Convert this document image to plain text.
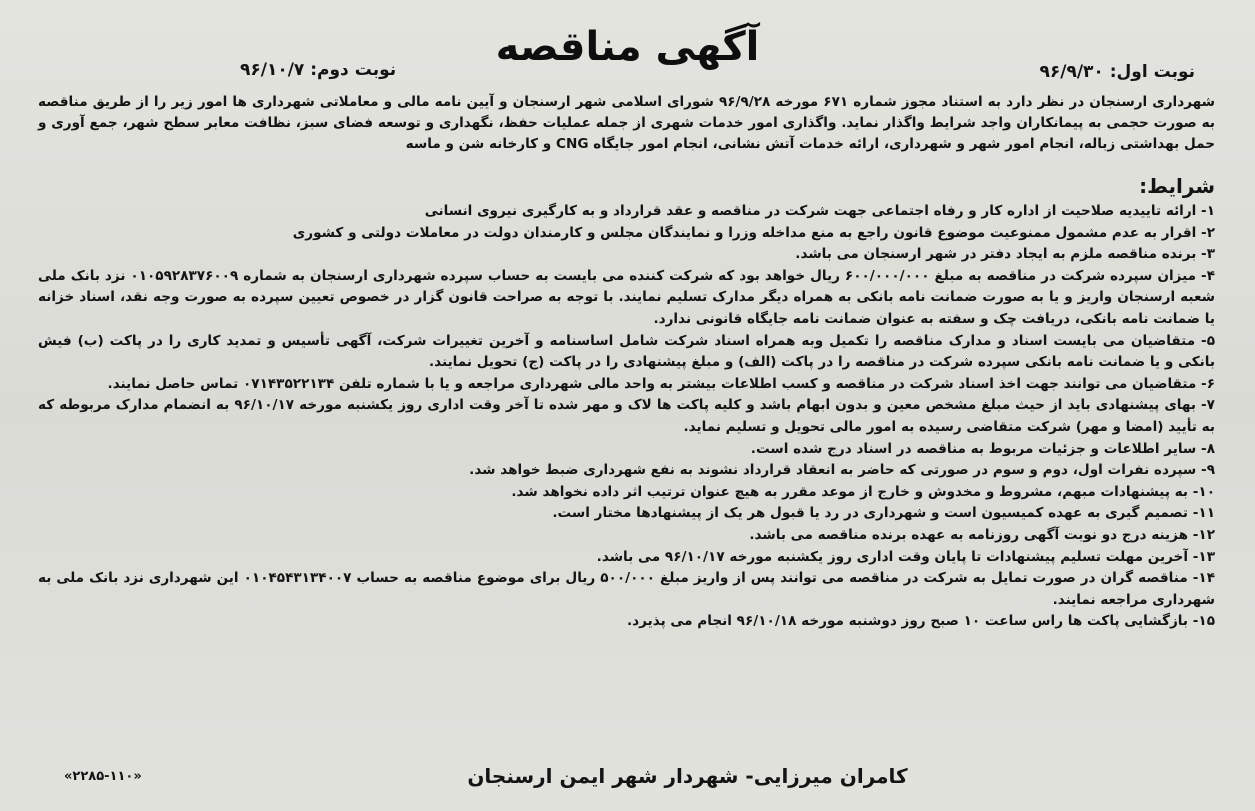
آگهی مناقصه
نوبت اول: ۹۶/۹/۳۰
نوبت دوم: ۹۶/۱۰/۷
شهرداری ارسنجان در نظر دارد به استناد مجوز شماره ۶۷۱ مورخه ۹۶/۹/۲۸ شورای اسلامی شهر ارسنجان و آیین نامه مالی و معاملاتی شهرداری ها امور زیر را از طریق مناقصه به صورت حجمی به پیمانکاران واجد شرایط واگذار نماید. واگذاری امور خدمات شهری از جمله عملیات حفظ، نگهداری و توسعه فضای سبز، نظافت معابر سطح شهر، جمع آوری و حمل بهداشتی زباله، انجام امور شهر و شهرداری، ارائه خدمات آتش نشانی، انجام امور جایگاه CNG و کارخانه شن و ماسه
شرایط:
۱- ارائه تاییدیه صلاحیت از اداره کار و رفاه اجتماعی جهت شرکت در مناقصه و عقد قرارداد و به کارگیری نیروی انسانی
۲- اقرار به عدم مشمول ممنوعیت موضوع قانون راجع به منع مداخله وزرا و نمایندگان مجلس و کارمندان دولت در معاملات دولتی و کشوری
۳- برنده مناقصه ملزم به ایجاد دفتر در شهر ارسنجان می باشد.
۴- میزان سپرده شرکت در مناقصه به مبلغ ۶۰۰/۰۰۰/۰۰۰ ریال خواهد بود که شرکت کننده می بایست به حساب سپرده شهرداری ارسنجان به شماره ۰۱۰۵۹۲۸۳۷۶۰۰۹ نزد بانک ملی شعبه ارسنجان واریز و یا به صورت ضمانت نامه بانکی به همراه دیگر مدارک تسلیم نمایند. با توجه به صراحت قانون گزار در خصوص تعیین سپرده به صورت وجه نقد، اسناد خزانه یا ضمانت نامه بانکی، دریافت چک و سفته به عنوان ضمانت نامه جایگاه قانونی ندارد.
۵- متقاضیان می بایست اسناد و مدارک مناقصه را تکمیل وبه همراه اسناد شرکت شامل اساسنامه و آخرین تغییرات شرکت، آگهی تأسیس و تمدید کاری را در پاکت (ب) فیش بانکی و یا ضمانت نامه بانکی سپرده شرکت در مناقصه را در پاکت (الف) و مبلغ پیشنهادی را در پاکت (ج) تحویل نمایند.
۶- متقاضیان می توانند جهت اخذ اسناد شرکت در مناقصه و کسب اطلاعات بیشتر به واحد مالی شهرداری مراجعه و یا با شماره تلفن ۰۷۱۴۳۵۲۲۱۳۴ تماس حاصل نمایند.
۷- بهای پیشنهادی باید از حیث مبلغ مشخص معین و بدون ابهام باشد و کلیه پاکت ها لاک و مهر شده تا آخر وقت اداری روز یکشنبه مورخه ۹۶/۱۰/۱۷ به انضمام مدارک مربوطه که به تأیید (امضا و مهر) شرکت متقاضی رسیده به امور مالی تحویل و تسلیم نماید.
۸- سایر اطلاعات و جزئیات مربوط به مناقصه در اسناد درج شده است.
۹- سپرده نفرات اول، دوم و سوم در صورتی که حاضر به انعقاد قرارداد نشوند به نفع شهرداری ضبط خواهد شد.
۱۰- به پیشنهادات مبهم، مشروط و مخدوش و خارج از موعد مقرر به هیچ عنوان ترتیب اثر داده نخواهد شد.
۱۱- تصمیم گیری به عهده کمیسیون است و شهرداری در رد یا قبول هر یک از پیشنهادها مختار است.
۱۲- هزینه درج دو نوبت آگهی روزنامه به عهده برنده مناقصه می باشد.
۱۳- آخرین مهلت تسلیم پیشنهادات تا پایان وقت اداری روز یکشنبه مورخه ۹۶/۱۰/۱۷ می باشد.
۱۴- مناقصه گران در صورت تمایل به شرکت در مناقصه می توانند پس از واریز مبلغ ۵۰۰/۰۰۰ ریال برای موضوع مناقصه به حساب ۰۱۰۴۵۴۳۱۳۴۰۰۷ این شهرداری نزد بانک ملی به شهرداری مراجعه نمایند.
۱۵- بازگشایی پاکت ها راس ساعت ۱۰ صبح روز دوشنبه مورخه ۹۶/۱۰/۱۸ انجام می پذیرد.
کامران میرزایی- شهردار شهر ایمن ارسنجان
«۲۲۸۵-۱۱۰»
